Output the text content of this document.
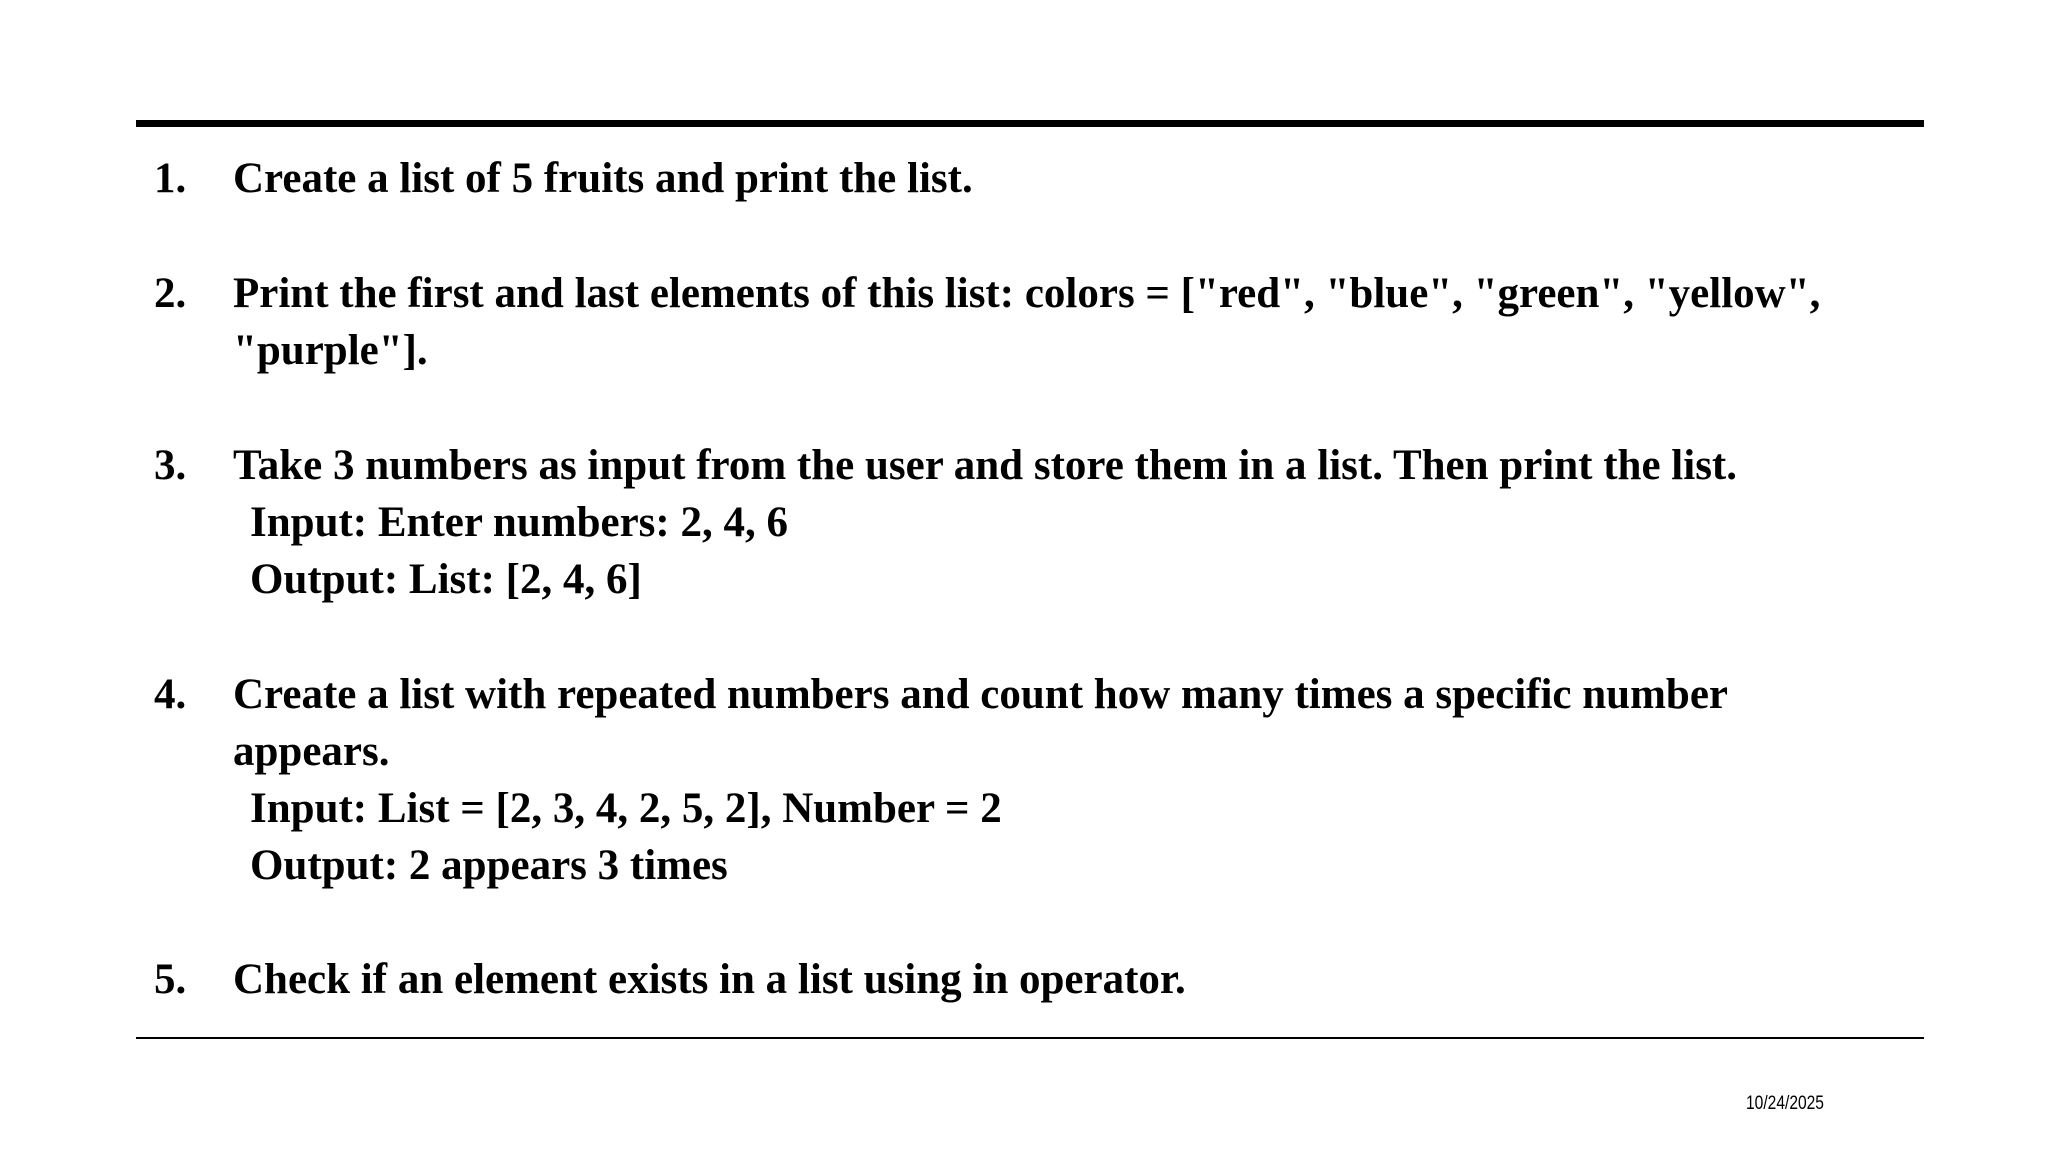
1. Create a list of 5 fruits and print the list.
2. Print the first and last elements of this list: colors = ["red", "blue", "green", "yellow",
"purple"].
3. Take 3 numbers as input from the user and store them in a list. Then print the list.
Input: Enter numbers: 2, 4, 6
Output: List: [2, 4, 6]
4. Create a list with repeated numbers and count how many times a specific number
appears.
Input: List = [2, 3, 4, 2, 5, 2], Number = 2
Output: 2 appears 3 times
5. Check if an element exists in a list using in operator.
10/24/2025
